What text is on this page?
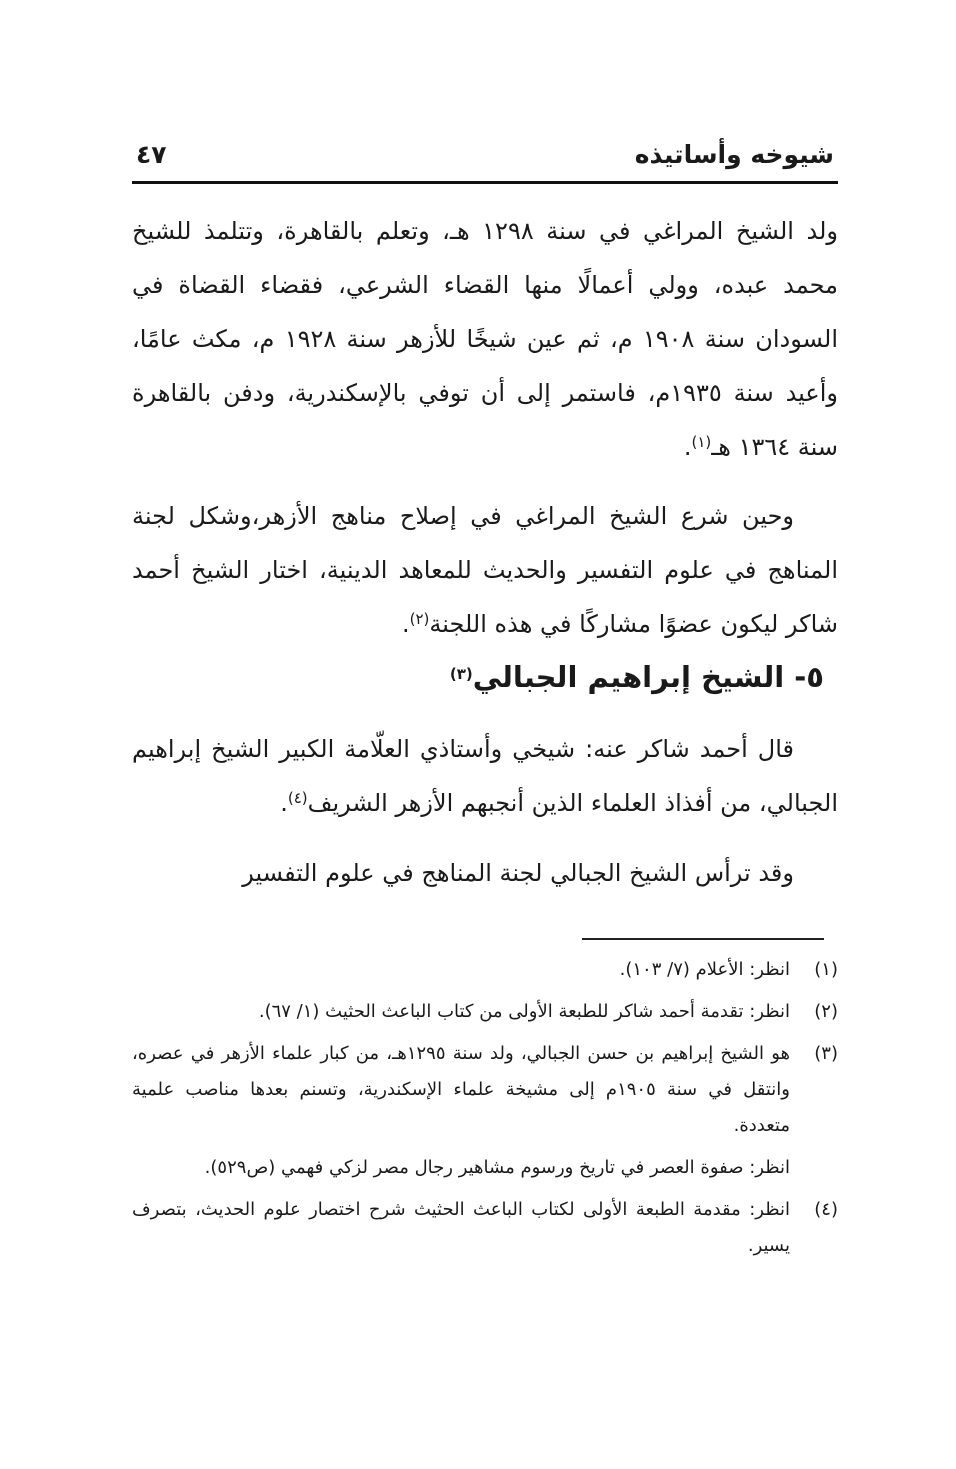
شيوخه وأساتيذه
٤٧

ولد الشيخ المراغي في سنة ١٢٩٨ هـ، وتعلم بالقاهرة، وتتلمذ للشيخ محمد عبده، وولي أعمالًا منها القضاء الشرعي، فقضاء القضاة في السودان سنة ١٩٠٨ م، ثم عين شيخًا للأزهر سنة ١٩٢٨ م، مكث عامًا، وأعيد سنة ١٩٣٥م، فاستمر إلى أن توفي بالإسكندرية، ودفن بالقاهرة سنة ١٣٦٤ هـ$^{(١)}$.

وحين شرع الشيخ المراغي في إصلاح مناهج الأزهر،وشكل لجنة المناهج في علوم التفسير والحديث للمعاهد الدينية، اختار الشيخ أحمد شاكر ليكون عضوًا مشاركًا في هذه اللجنة$^{(٢)}$.

٥- الشيخ إبراهيم الجبالي$^{(٣)}$

قال أحمد شاكر عنه: شيخي وأستاذي العلّامة الكبير الشيخ إبراهيم الجبالي، من أفذاذ العلماء الذين أنجبهم الأزهر الشريف$^{(٤)}$.

وقد ترأس الشيخ الجبالي لجنة المناهج في علوم التفسير

(١)

انظر: الأعلام (٧/ ١٠٣).

(٢)

انظر: تقدمة أحمد شاكر للطبعة الأولى من كتاب الباعث الحثيث (١/ ٦٧).

(٣)

هو الشيخ إبراهيم بن حسن الجبالي، ولد سنة ١٢٩٥هـ، من كبار علماء الأزهر في عصره، وانتقل في سنة ١٩٠٥م إلى مشيخة علماء الإسكندرية، وتسنم بعدها مناصب علمية متعددة.

انظر: صفوة العصر في تاريخ ورسوم مشاهير رجال مصر لزكي فهمي (ص٥٢٩).

(٤)

انظر: مقدمة الطبعة الأولى لكتاب الباعث الحثيث شرح اختصار علوم الحديث، بتصرف يسير.
